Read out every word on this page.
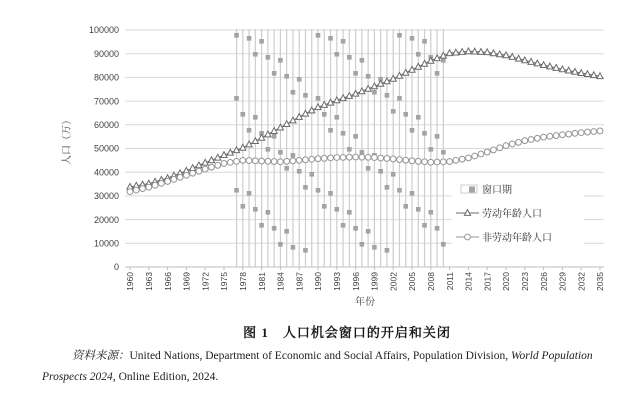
0
10000
20000
30000
40000
50000
60000
70000
80000
90000
100000
1960 1963 1966 1969 1972 1975 1978 1981 1984 1987 1990 1993 1996 1999 2002 2005 2008 2011 2014 2017 2020 2023 2026 2029 2032 2035
年份
人口（万）
窗口期
劳动年龄人口
非劳动年龄人口
图 1　人口机会窗口的开启和关闭
资料来源：United Nations, Department of Economic and Social Affairs, Population Division, World Population
Prospects 2024, Online Edition, 2024.
